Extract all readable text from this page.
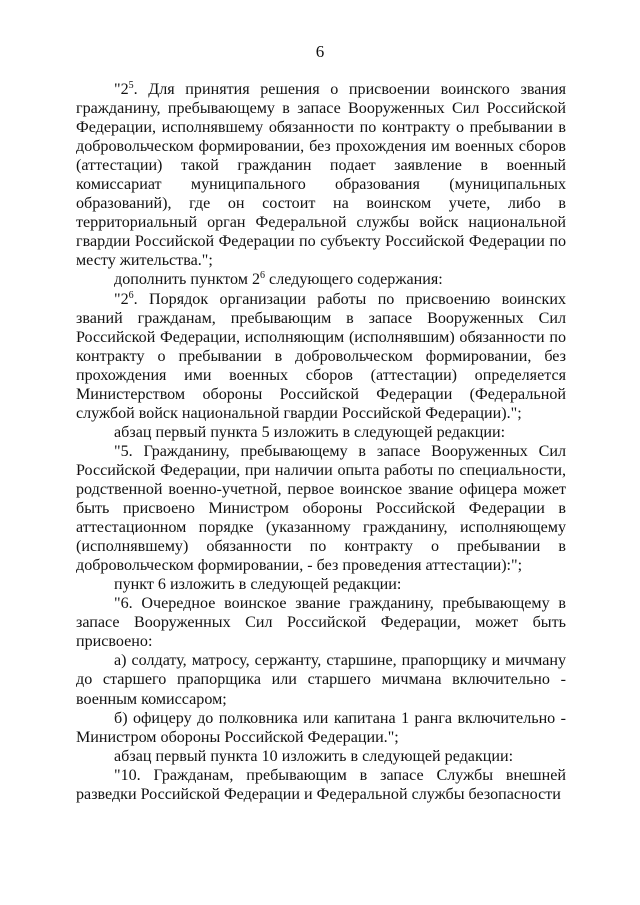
6

"$2^5$. Для принятия решения о присвоении воинского звания гражданину, пребывающему в запасе Вооруженных Сил Российской Федерации, исполнявшему обязанности по контракту о пребывании в добровольческом формировании, без прохождения им военных сборов (аттестации) такой гражданин подает заявление в военный комиссариат муниципального образования (муниципальных образований), где он состоит на воинском учете, либо в территориальный орган Федеральной службы войск национальной гвардии Российской Федерации по субъекту Российской Федерации по месту жительства.";

дополнить пунктом $2^6$ следующего содержания:

"$2^6$. Порядок организации работы по присвоению воинских званий гражданам, пребывающим в запасе Вооруженных Сил Российской Федерации, исполняющим (исполнявшим) обязанности по контракту о пребывании в добровольческом формировании, без прохождения ими военных сборов (аттестации) определяется Министерством обороны Российской Федерации (Федеральной службой войск национальной гвардии Российской Федерации).";

абзац первый пункта 5 изложить в следующей редакции:

"5. Гражданину, пребывающему в запасе Вооруженных Сил Российской Федерации, при наличии опыта работы по специальности, родственной военно-учетной, первое воинское звание офицера может быть присвоено Министром обороны Российской Федерации в аттестационном порядке (указанному гражданину, исполняющему (исполнявшему) обязанности по контракту о пребывании в добровольческом формировании, - без проведения аттестации):";

пункт 6 изложить в следующей редакции:

"6. Очередное воинское звание гражданину, пребывающему в запасе Вооруженных Сил Российской Федерации, может быть присвоено:

а) солдату, матросу, сержанту, старшине, прапорщику и мичману до старшего прапорщика или старшего мичмана включительно - военным комиссаром;

б) офицеру до полковника или капитана 1 ранга включительно - Министром обороны Российской Федерации.";

абзац первый пункта 10 изложить в следующей редакции:

"10. Гражданам, пребывающим в запасе Службы внешней разведки Российской Федерации и Федеральной службы безопасности
